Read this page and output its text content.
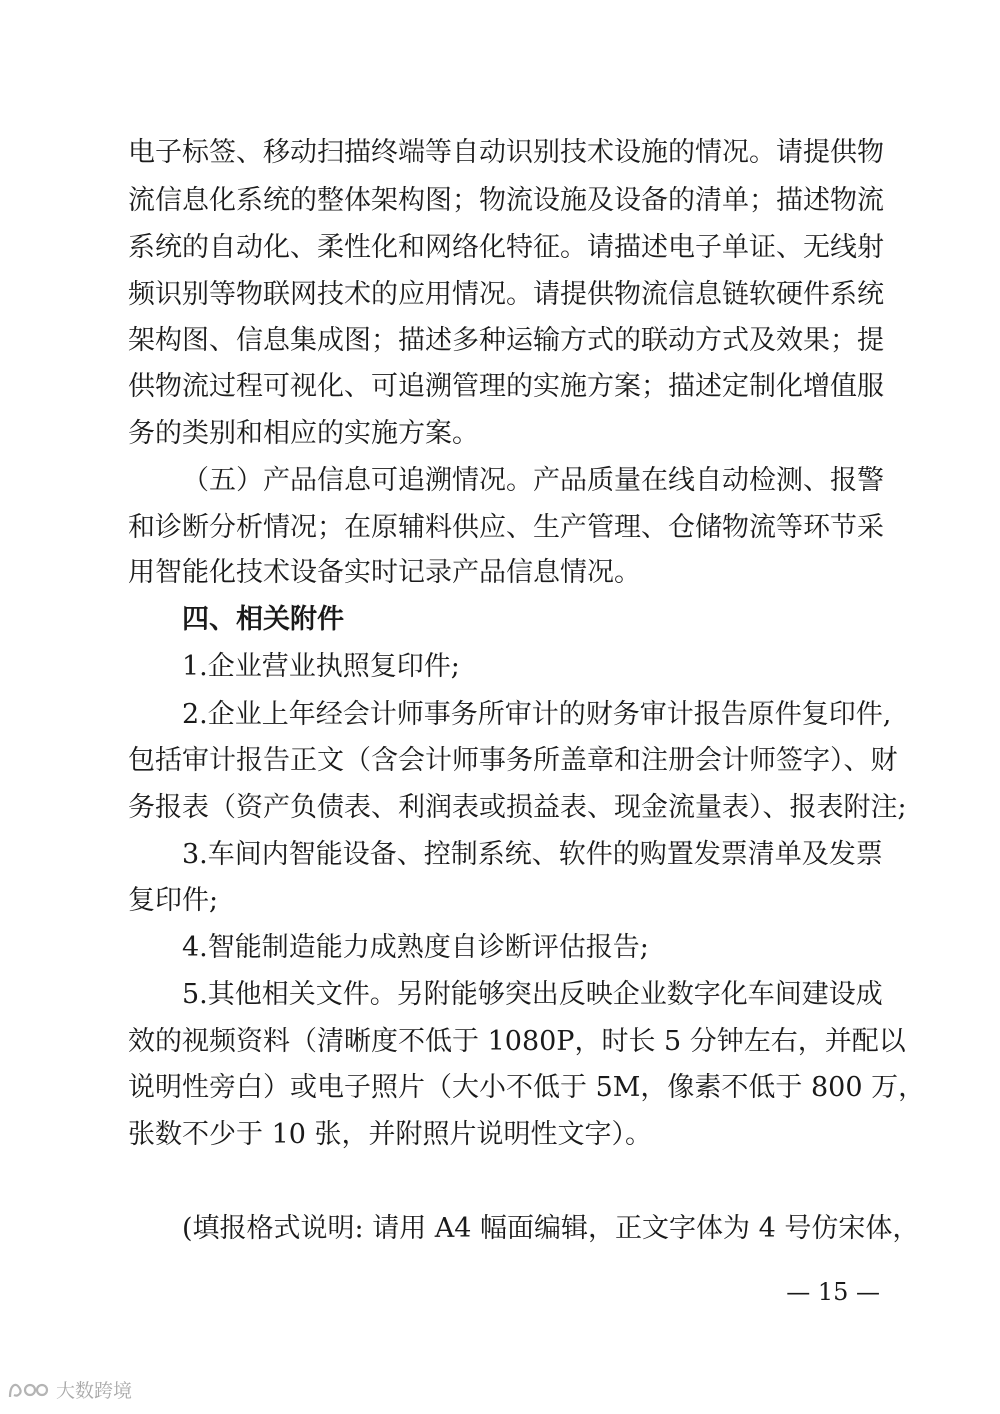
电子标签、移动扫描终端等自动识别技术设施的情况。请提供物
流信息化系统的整体架构图；物流设施及设备的清单；描述物流
系统的自动化、柔性化和网络化特征。请描述电子单证、无线射
频识别等物联网技术的应用情况。请提供物流信息链软硬件系统
架构图、信息集成图；描述多种运输方式的联动方式及效果；提
供物流过程可视化、可追溯管理的实施方案；描述定制化增值服
务的类别和相应的实施方案。
（五）产品信息可追溯情况。产品质量在线自动检测、报警
和诊断分析情况；在原辅料供应、生产管理、仓储物流等环节采
用智能化技术设备实时记录产品信息情况。
四、相关附件
1.企业营业执照复印件;
2.企业上年经会计师事务所审计的财务审计报告原件复印件,
包括审计报告正文（含会计师事务所盖章和注册会计师签字）、财
务报表（资产负债表、利润表或损益表、现金流量表）、报表附注;
3.车间内智能设备、控制系统、软件的购置发票清单及发票
复印件;
4.智能制造能力成熟度自诊断评估报告;
5.其他相关文件。另附能够突出反映企业数字化车间建设成
效的视频资料（清晰度不低于 1080P，时长 5 分钟左右，并配以
说明性旁白）或电子照片（大小不低于 5M，像素不低于 800 万，
张数不少于 10 张，并附照片说明性文字）。
(填报格式说明: 请用 A4 幅面编辑，正文字体为 4 号仿宋体，
— 15 —
大数跨境
